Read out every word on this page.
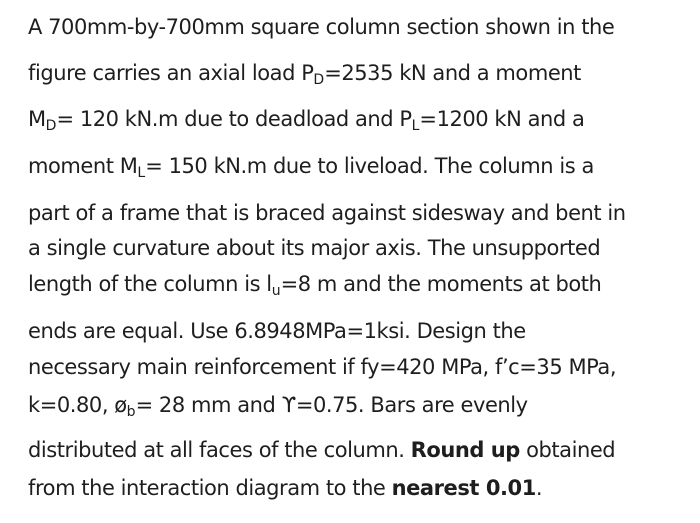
A 700mm-by-700mm square column section shown in the
figure carries an axial load $P_D=2535$ kN and a moment
$M_D= 120$ kN.m due to deadload and $P_L=1200$ kN and a
moment $M_L= 150$ kN.m due to liveload. The column is a
part of a frame that is braced against sidesway and bent in
a single curvature about its major axis. The unsupported
length of the column is $l_u=8$ m and the moments at both
ends are equal. Use 6.8948MPa=1ksi. Design the
necessary main reinforcement if fy=420 MPa, f’c=35 MPa,
k=0.80, $ø_b= 28$ mm and ϒ=0.75. Bars are evenly
distributed at all faces of the column. Round up obtained
from the interaction diagram to the nearest 0.01.
